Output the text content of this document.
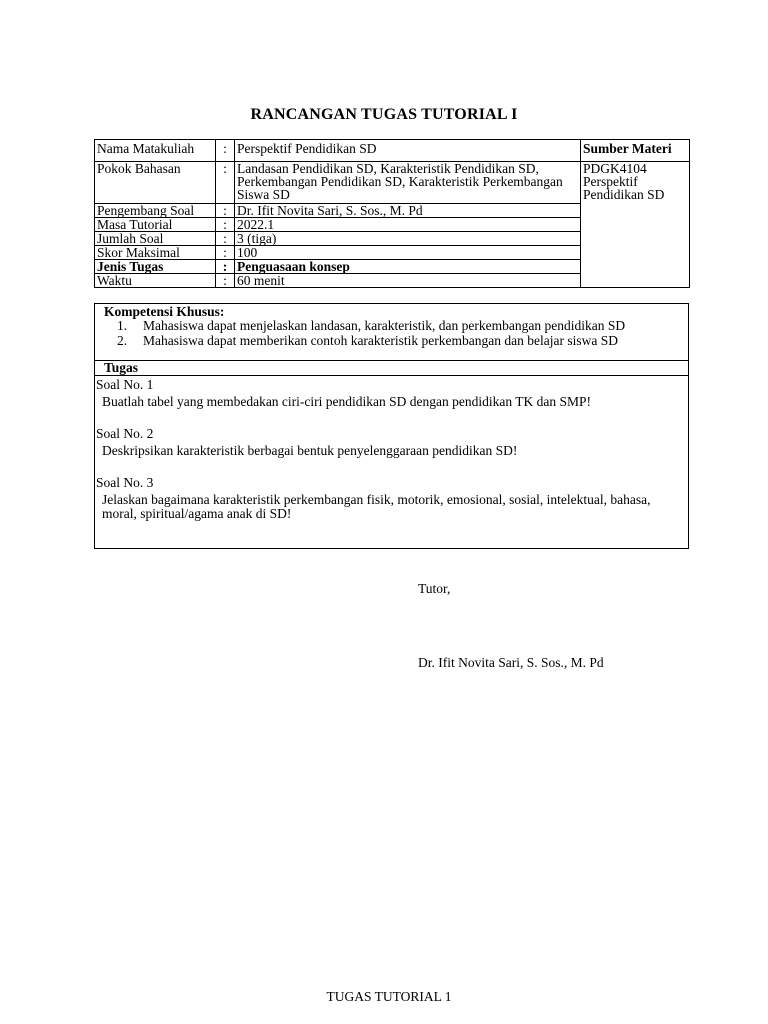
RANCANGAN TUGAS TUTORIAL I
Nama Matakuliah	:	Perspektif Pendidikan SD	Sumber Materi
Pokok Bahasan	:	Landasan Pendidikan SD, Karakteristik Pendidikan SD, Perkembangan Pendidikan SD, Karakteristik Perkembangan Siswa SD	PDGK4104
Perspektif
Pendidikan SD

Pengembang Soal	:	Dr. Ifit Novita Sari, S. Sos., M. Pd	
Masa Tutorial	:	2022.1	
Jumlah Soal	:	3 (tiga)	
Skor Maksimal	:	100	
Jenis Tugas	:	Penguasaan konsep	
Waktu	:	60 menit	
Kompetensi Khusus:
1.	Mahasiswa dapat menjelaskan landasan, karakteristik, dan perkembangan pendidikan SD
2.	Mahasiswa dapat memberikan contoh karakteristik perkembangan dan belajar siswa SD
Tugas
Soal No. 1
Buatlah tabel yang membedakan ciri-ciri pendidikan SD dengan pendidikan TK dan SMP!
Soal No. 2
Deskripsikan karakteristik berbagai bentuk penyelenggaraan pendidikan SD!
Soal No. 3
Jelaskan bagaimana karakteristik perkembangan fisik, motorik, emosional, sosial, intelektual, bahasa, moral, spiritual/agama anak di SD!
Tutor,
Dr. Ifit Novita Sari, S. Sos., M. Pd
TUGAS TUTORIAL 1
